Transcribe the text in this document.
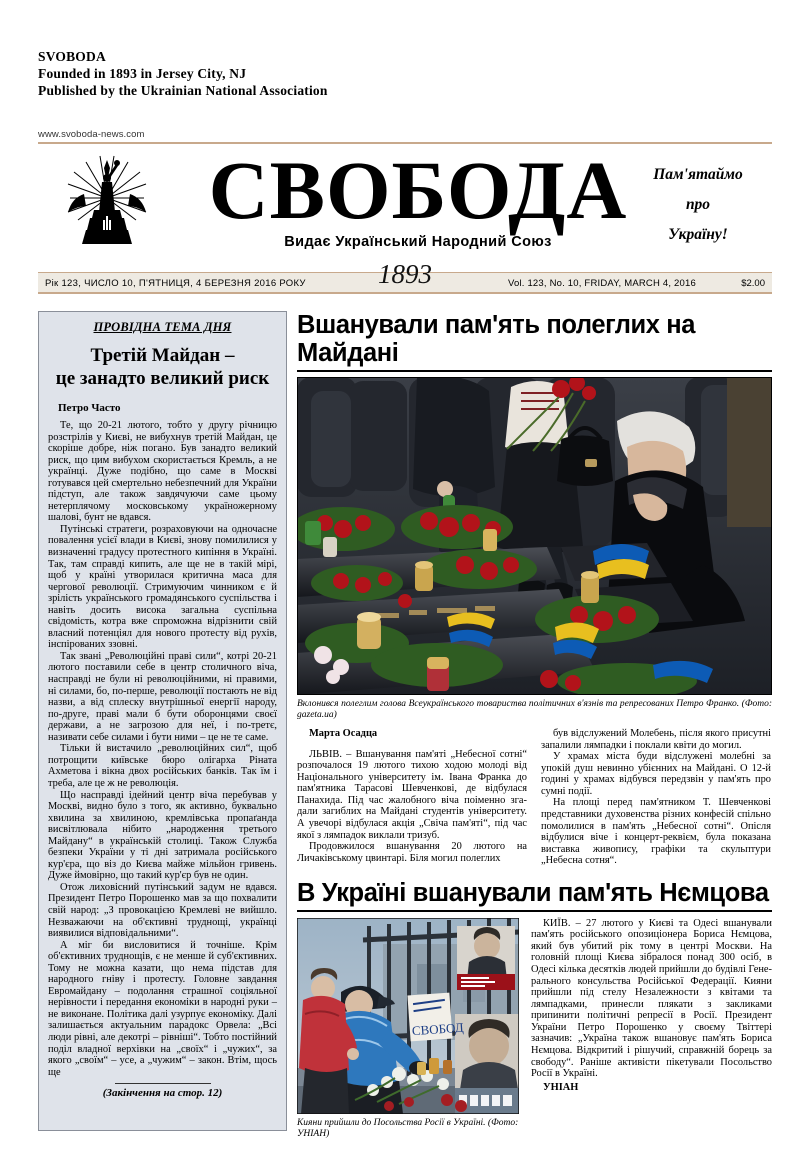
SVOBODA
Founded in 1893 in Jersey City, NJ
Published by the Ukrainian National Association
www.svoboda-news.com
СВОБОДА
Видає Український Народний Союз
Пам'ятаймо
про
Україну!
Рік 123, ЧИСЛО 10, П'ЯТНИЦЯ, 4 БЕРЕЗНЯ 2016 РОКУ	1893	Vol. 123, No. 10, FRIDAY, MARCH 4, 2016	$2.00
ПРОВІДНА ТЕМА ДНЯ
Третій Майдан –
це занадто великий риск
Петро Часто

Те, що 20-21 лютого, тобто у другу річницю розстрілів у Києві, не вибухнув третій Майдан, це скоріше добре, ніж погано. Був занадто великий риск, що цим вибухом скористається Кремль, а не українці. Дуже подібно, що саме в Москві готувався цей смертельно небезпечний для України підступ, але також завдячуючи саме цьому нетерплячому московському україножерному шалові, бунт не вдався.

Путінські стратеги, розраховуючи на одночасне повалення усієї влади в Києві, знову помилилися у визначенні градусу протестного кипіння в Україні. Так, там справді кипить, але ще не в такій мірі, щоб у країні утворилася критична маса для чергової революції. Стримуючим чинником є й зрілість українського громадянського суспільства і навіть досить висока загальна суспільна свідомість, котра вже спроможна відрізнити свій власний потенціял для нового протесту від рухів, інспірованих ззовні.

Так звані „Революційні праві сили“, котрі 20-21 лютого поставили себе в центр столичного віча, насправді не були ні революційними, ні правими, ні силами, бо, по-перше, революції постають не від назви, а від сплеску внутрішньої енергії народу, по-друге, праві мали б бути оборонцями своєї держави, а не загрозою для неї, і по-третє, називати себе силами і бути ними – це не те саме.

Тільки й вистачило „революційних сил“, щоб потрощити київське бюро олігарха Ріната Ахметова і вікна двох російських банків. Так їм і треба, але це ж не революція.

Що насправді ідейний центр віча перебував у Москві, видно було з того, як активно, буквально хвилина за хвилиною, кремлівська пропаґанда висвітлювала нібито „народження третього Майдану“ в українській столиці. Також Служба безпеки України у ті дні затримала російського кур'єра, що віз до Києва майже мільйон гривень. Дуже ймовірно, що такий кур'єр був не один.

Отож лиховісний путінський задум не вдався. Президент Петро Порошенко мав за що похвалити свій народ: „З провокацією Кремлеві не вийшло. Незважаючи на об'єктивні труднощі, українці виявилися відповідальними“.

А міг би висловитися й точніше. Крім об'єктивних труднощів, є не менше й суб'єктивних. Тому не можна казати, що нема підстав для народного гніву і протесту. Головне завдання Евромайдану – подолання страшної соціяльної нерівности і передання економіки в народні руки – не виконане. Політика далі узурпує економіку. Далі залишається актуальним парадокс Орвела: „Всі люди рівні, але декотрі – рівніші“. Тобто постійний поділ владної верхівки на „своїх“ і „чужих“, за якого „своїм“ – усе, а „чужим“ – закон. Втім, щось ще

(Закінчення на стор. 12)
Вшанували пам'ять полеглих на Майдані
Вклонився полеглим голова Всеукраїнського товариства політичних в'язнів та репресованих Петро Франко. (Фото: gazeta.ua)
Марта Осадца

ЛЬВІВ. – Вшанування пам'яті „Небесної сотні“ розпочалося 19 лютого тихою ходою молоді від Національного університету ім. Івана Франка до пам'ятника Тарасові Шевченкові, де відбулася Панахида. Під час жалобного віча поіменно згадали загиблих на Майдані студентів університету. А увечорі відбулася акція „Свіча пам'яті“, під час якої з лямпадок виклали тризуб.

Продовжилося вшанування 20 лютого на Личаківському цвинтарі. Біля могил полеглих

був відслужений Молебень, після якого присутні запалили лямпадки і поклали квіти до могил.

У храмах міста буди відслужені молебні за упокій душ невинно убієнних на Майдані. О 12-й годині у храмах відбувся передзвін у пам'ять про сумні події.

На площі перед пам'ятником Т. Шевченкові представники духовенства різних конфесій спільно помолилися в пам'ять „Небесної сотні“. Опісля відбулися віче і концерт-реквієм, була показана виставка живопису, графіки та скульптури „Небесна сотня“.

В Україні вшанували пам'ять Нємцова
СВОБОД
Кияни прийшли до Посольства Росії в Україні. (Фото: УНІАН)

КИЇВ. – 27 лютого у Києві та Одесі вшанували пам'ять російського опозиціонера Бориса Нємцова, який був убитий рік тому в центрі Москви. На головній площі Києва зібралося понад 300 осіб, в Одесі кілька десятків людей прийшли до будівлі Генерального консульства Російської Федерації. Кияни прийшли під стелу Незалежности з квітами та лямпадками, принесли плякати з закликами припинити політичні репресії в Росії. Президент України Петро Порошенко у своєму Твіттері зазначив: „Україна також вшановує пам'ять Бориса Нємцова. Відкритий і рішучий, справжній борець за свободу“. Раніше активісти пікетували Посольство Росії в Україні.

УНІАН
